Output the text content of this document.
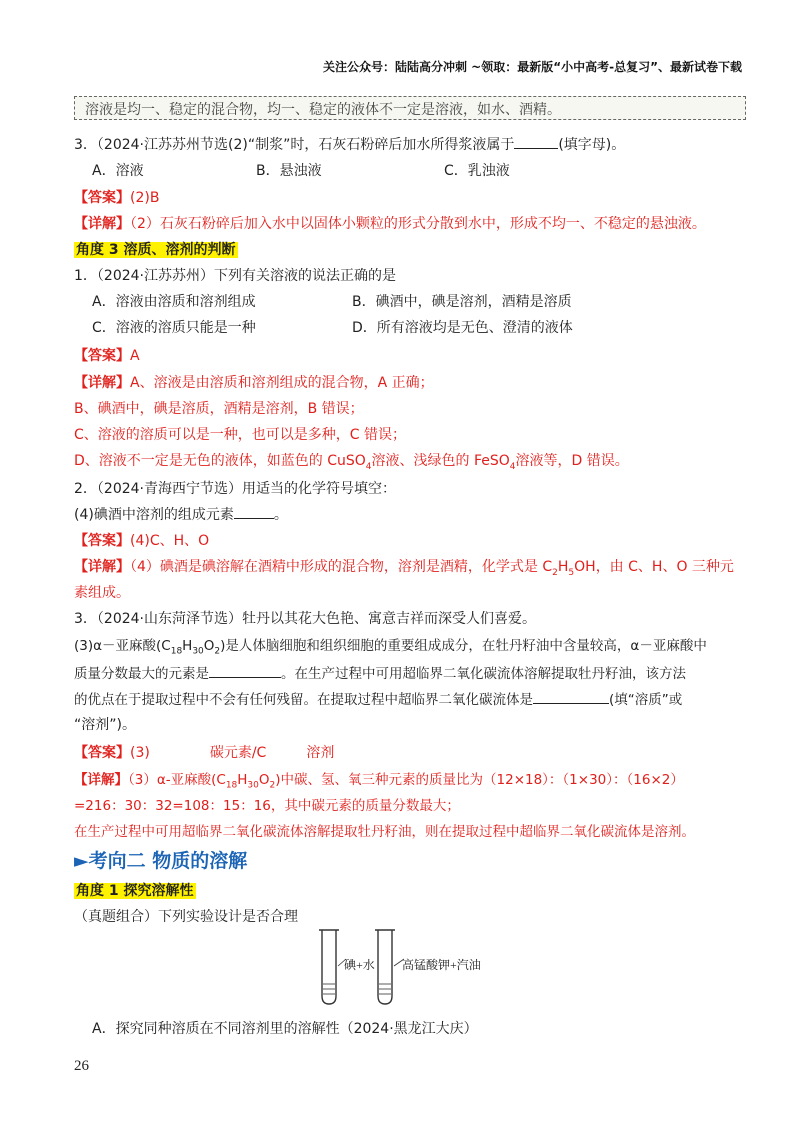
关注公众号：陆陆高分冲刺 ~领取：最新版“小中高考-总复习”、最新试卷下载
溶液是均一、稳定的混合物，均一、稳定的液体不一定是溶液，如水、酒精。
3．（2024·江苏苏州节选(2)“制浆”时，石灰石粉碎后加水所得浆液属于	(填字母)。
A．溶液	B．悬浊液	C．乳浊液
【答案】(2)B
【详解】（2）石灰石粉碎后加入水中以固体小颗粒的形式分散到水中，形成不均一、不稳定的悬浊液。
角度 3 溶质、溶剂的判断
1．（2024·江苏苏州）下列有关溶液的说法正确的是
A．溶液由溶质和溶剂组成	B．碘酒中，碘是溶剂，酒精是溶质
C．溶液的溶质只能是一种	D．所有溶液均是无色、澄清的液体
【答案】A
【详解】A、溶液是由溶质和溶剂组成的混合物，A 正确；
B、碘酒中，碘是溶质，酒精是溶剂，B 错误；
C、溶液的溶质可以是一种，也可以是多种，C 错误；
D、溶液不一定是无色的液体，如蓝色的 CuSO$_4$溶液、浅绿色的 FeSO$_4$溶液等，D 错误。
2．（2024·青海西宁节选）用适当的化学符号填空：
(4)碘酒中溶剂的组成元素	。
【答案】(4)C、H、O
【详解】（4）碘酒是碘溶解在酒精中形成的混合物，溶剂是酒精，化学式是 $C_2H_5OH$，由 C、H、O 三种元
素组成。
3．（2024·山东菏泽节选）牡丹以其花大色艳、寓意吉祥而深受人们喜爱。
(3)α－亚麻酸$(C_{18}H_{30}O_2)$是人体脑细胞和组织细胞的重要组成成分，在牡丹籽油中含量较高，α－亚麻酸中
质量分数最大的元素是	。在生产过程中可用超临界二氧化碳流体溶解提取牡丹籽油，该方法
的优点在于提取过程中不会有任何残留。在提取过程中超临界二氧化碳流体是	(填“溶质”或
“溶剂”)。
【答案】(3)	碳元素/C	溶剂
【详解】（3）α-亚麻酸$(C_{18}H_{30}O_2)$中碳、氢、氧三种元素的质量比为（12×18）：（1×30）：（16×2）
=216：30：32=108：15：16，其中碳元素的质量分数最大；
在生产过程中可用超临界二氧化碳流体溶解提取牡丹籽油，则在提取过程中超临界二氧化碳流体是溶剂。
►考向二 物质的溶解
角度 1 探究溶解性
（真题组合）下列实验设计是否合理
碘+水 高锰酸钾+汽油
A．探究同种溶质在不同溶剂里的溶解性（2024·黑龙江大庆）
26
